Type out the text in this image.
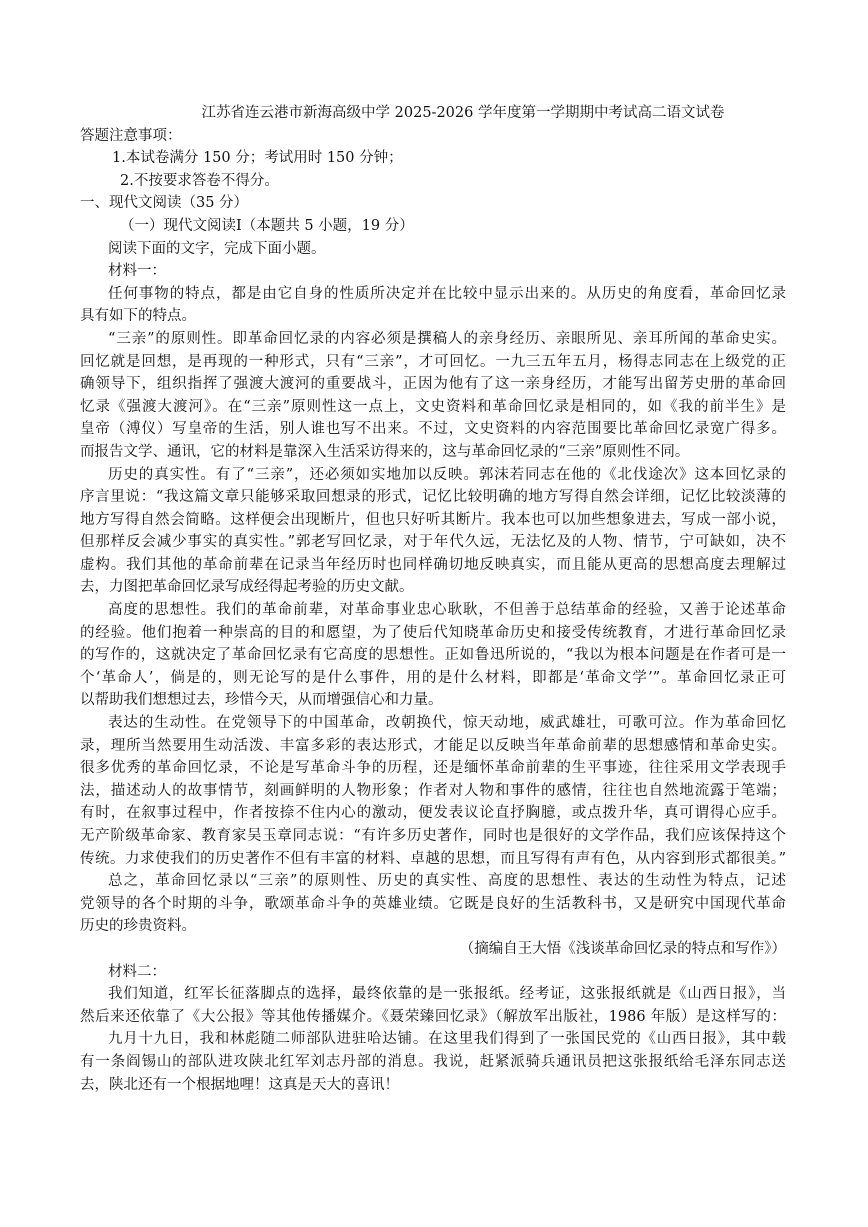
江苏省连云港市新海高级中学 2025-2026 学年度第一学期期中考试高二语文试卷
答题注意事项：
1.本试卷满分 150 分；考试用时 150 分钟；
2.不按要求答卷不得分。
一、现代文阅读（35 分）
（一）现代文阅读Ⅰ（本题共 5 小题，19 分）
阅读下面的文字，完成下面小题。
材料一：
任何事物的特点，都是由它自身的性质所决定并在比较中显示出来的。从历史的角度看，革命回忆录
具有如下的特点。
“三亲”的原则性。即革命回忆录的内容必须是撰稿人的亲身经历、亲眼所见、亲耳所闻的革命史实。
回忆就是回想，是再现的一种形式，只有“三亲”，才可回忆。一九三五年五月，杨得志同志在上级党的正
确领导下，组织指挥了强渡大渡河的重要战斗，正因为他有了这一亲身经历，才能写出留芳史册的革命回
忆录《强渡大渡河》。在“三亲”原则性这一点上，文史资料和革命回忆录是相同的，如《我的前半生》是
皇帝（溥仪）写皇帝的生活，别人谁也写不出来。不过，文史资料的内容范围要比革命回忆录宽广得多。
而报告文学、通讯，它的材料是靠深入生活采访得来的，这与革命回忆录的“三亲”原则性不同。
历史的真实性。有了“三亲”，还必须如实地加以反映。郭沫若同志在他的《北伐途次》这本回忆录的
序言里说：“我这篇文章只能够采取回想录的形式，记忆比较明确的地方写得自然会详细，记忆比较淡薄的
地方写得自然会简略。这样便会出现断片，但也只好听其断片。我本也可以加些想象进去，写成一部小说，
但那样反会减少事实的真实性。”郭老写回忆录，对于年代久远，无法忆及的人物、情节，宁可缺如，决不
虚构。我们其他的革命前辈在记录当年经历时也同样确切地反映真实，而且能从更高的思想高度去理解过
去，力图把革命回忆录写成经得起考验的历史文献。
高度的思想性。我们的革命前辈，对革命事业忠心耿耿，不但善于总结革命的经验，又善于论述革命
的经验。他们抱着一种崇高的目的和愿望，为了使后代知晓革命历史和接受传统教育，才进行革命回忆录
的写作的，这就决定了革命回忆录有它高度的思想性。正如鲁迅所说的，“我以为根本问题是在作者可是一
个‘革命人’，倘是的，则无论写的是什么事件，用的是什么材料，即都是‘革命文学’”。革命回忆录正可
以帮助我们想想过去，珍惜今天，从而增强信心和力量。
表达的生动性。在党领导下的中国革命，改朝换代，惊天动地，威武雄壮，可歌可泣。作为革命回忆
录，理所当然要用生动活泼、丰富多彩的表达形式，才能足以反映当年革命前辈的思想感情和革命史实。
很多优秀的革命回忆录，不论是写革命斗争的历程，还是缅怀革命前辈的生平事迹，往往采用文学表现手
法，描述动人的故事情节，刻画鲜明的人物形象；作者对人物和事件的感情，往往也自然地流露于笔端；
有时，在叙事过程中，作者按捺不住内心的激动，便发表议论直抒胸臆，或点拨升华，真可谓得心应手。
无产阶级革命家、教育家吴玉章同志说：“有许多历史著作，同时也是很好的文学作品，我们应该保持这个
传统。力求使我们的历史著作不但有丰富的材料、卓越的思想，而且写得有声有色，从内容到形式都很美。”
总之，革命回忆录以“三亲”的原则性、历史的真实性、高度的思想性、表达的生动性为特点，记述
党领导的各个时期的斗争，歌颂革命斗争的英雄业绩。它既是良好的生活教科书，又是研究中国现代革命
历史的珍贵资料。
（摘编自王大悟《浅谈革命回忆录的特点和写作》）
材料二：
我们知道，红军长征落脚点的选择，最终依靠的是一张报纸。经考证，这张报纸就是《山西日报》，当
然后来还依靠了《大公报》等其他传播媒介。《聂荣臻回忆录》（解放军出版社，1986 年版）是这样写的：
九月十九日，我和林彪随二师部队进驻哈达铺。在这里我们得到了一张国民党的《山西日报》，其中载
有一条阎锡山的部队进攻陕北红军刘志丹部的消息。我说，赶紧派骑兵通讯员把这张报纸给毛泽东同志送
去，陕北还有一个根据地哩！这真是天大的喜讯！
